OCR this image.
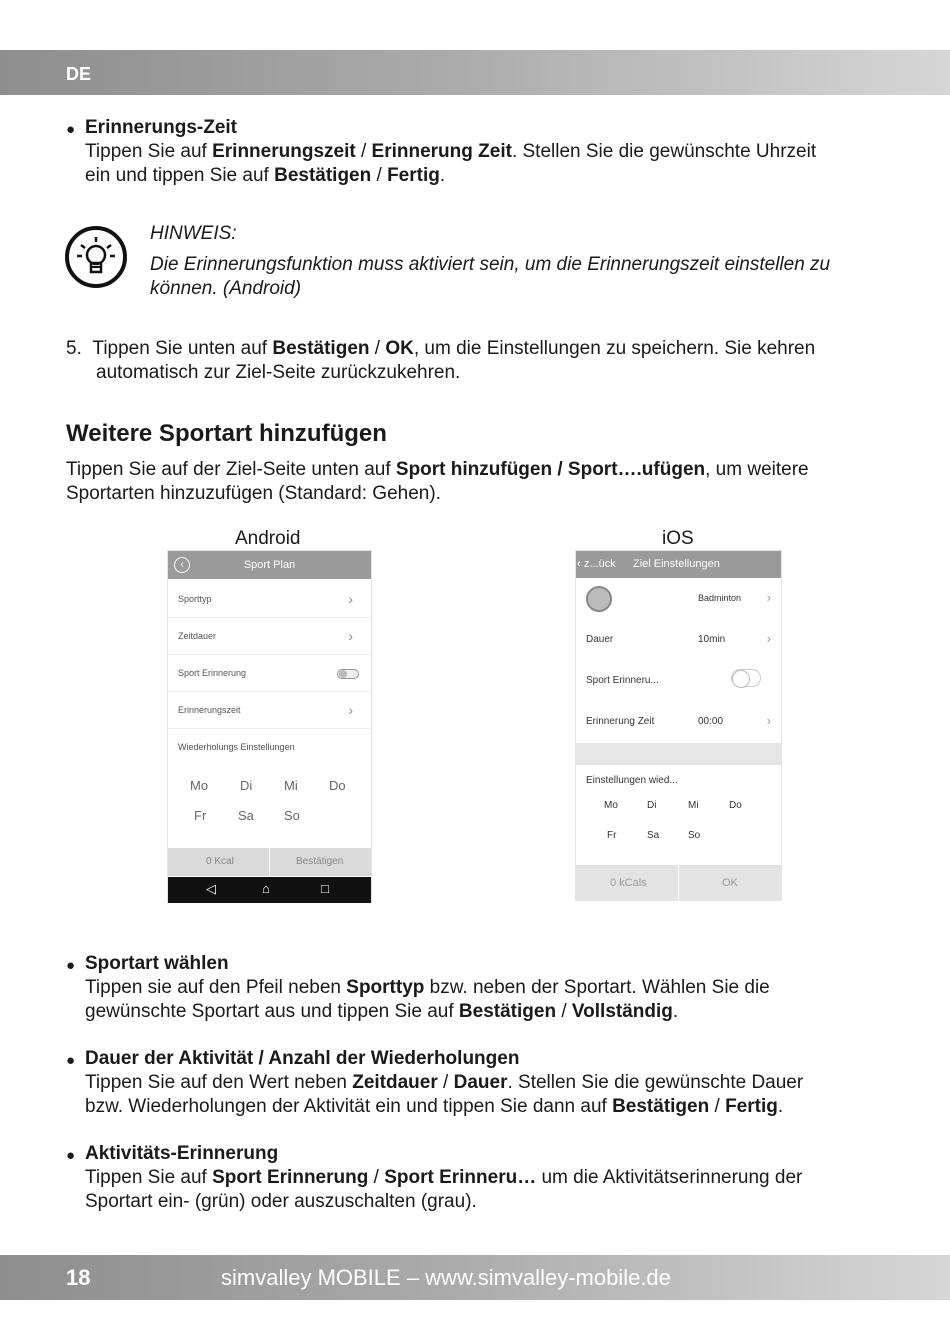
DE
● Erinnerungs-Zeit
Tippen Sie auf Erinnerungszeit / Erinnerung Zeit. Stellen Sie die gewünschte Uhrzeit
ein und tippen Sie auf Bestätigen / Fertig.
HINWEIS:
Die Erinnerungsfunktion muss aktiviert sein, um die Erinnerungszeit einstellen zu
können. (Android)
5. Tippen Sie unten auf Bestätigen / OK, um die Einstellungen zu speichern. Sie kehren
automatisch zur Ziel-Seite zurückzukehren.
Weitere Sportart hinzufügen
Tippen Sie auf der Ziel-Seite unten auf Sport hinzufügen / Sport….ufügen, um weitere
Sportarten hinzuzufügen (Standard: Gehen).
Android	iOS
‹	Sport Plan
Sporttyp	›
Zeitdauer	›
Sport Erinnerung
Erinnerungszeit	›
Wiederholungs Einstellungen
Mo Di Mi Do
Fr Sa So
0 Kcal	Bestätigen
◁	⌂	□
‹ z...ück Ziel Einstellungen
Badminton ›
Dauer	10min	›
Sport Erinneru...
Erinnerung Zeit	00:00	›
Einstellungen wied...
Mo	Di	Mi	Do
Fr	Sa	So
0 kCals	OK
● Sportart wählen
Tippen sie auf den Pfeil neben Sporttyp bzw. neben der Sportart. Wählen Sie die
gewünschte Sportart aus und tippen Sie auf Bestätigen / Vollständig.
● Dauer der Aktivität / Anzahl der Wiederholungen
Tippen Sie auf den Wert neben Zeitdauer / Dauer. Stellen Sie die gewünschte Dauer
bzw. Wiederholungen der Aktivität ein und tippen Sie dann auf Bestätigen / Fertig.
● Aktivitäts-Erinnerung
Tippen Sie auf Sport Erinnerung / Sport Erinneru… um die Aktivitätserinnerung der
Sportart ein- (grün) oder auszuschalten (grau).
18	simvalley MOBILE – www.simvalley-mobile.de
